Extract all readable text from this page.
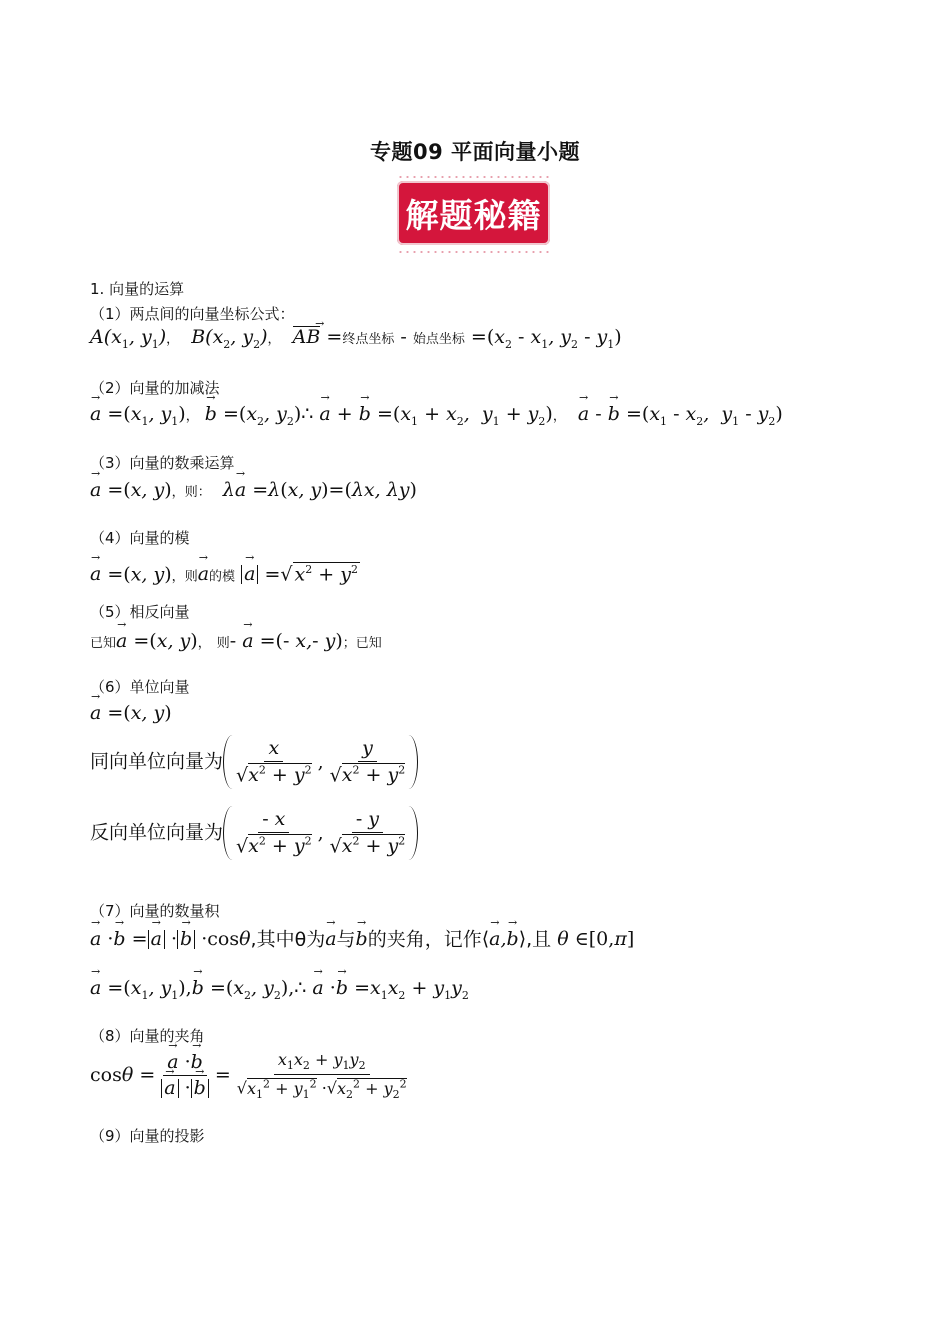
专题09 平面向量小题
解题秘籍
1. 向量的运算
（1）两点间的向量坐标公式：
$A(x_1$, $y_1$)，  $B(x_2$, $y_2$)， AB → =终点坐标 - 始点坐标 $=(x_2 - x_1$, $y_2 - y_1$)
（2）向量的加减法
→ $a =(x_1$, $y_1$)， → $b =(x_2$, $y_2)\therefore \to a$ + → $b =(x_1 + x_2$,  $y_1 + y_2$)，  → a - → $b =(x_1 - x_2$,  $y_1 - y_2$)
（3）向量的数乘运算
→ a =(x, y)，则：  λ→ a =λ(x, y)=(λx, λy)
（4）向量的模
→ a =(x, y)，则→ a的模 → a =√ $x^2 + y^2$
（5）相反向量
已知→ a =(x, y)， 则- → a =(- x,- y)；已知
（6）单位向量
→ a =(x, y)
同向单位向量为 $\frac{x}{√x^2 + y^2}$ , $\frac{y}{√x^2 + y^2}$
反向单位向量为 $\frac{- x}{√x^2 + y^2}$ , $\frac{- y}{√x^2 + y^2}$
（7）向量的数量积
→ a ·→ b =→ a ·→ b ·cosθ,其中θ为→ a与→ b的夹角，记作⟨→ a,→ b⟩,且 θ ∈[0,π]
→ $a =(x_1$, $y_1),\to b =(x_2$, $y_2),\therefore \to a \cdot\to b =x_1x_2 + y_1y_2$
（8）向量的夹角
cosθ =
→ a ·→ b
→ $a \cdot\to b = \frac{x_1x_2 + y_1y_2}{√x_1^2 + y_1^2 \cdot√x_2^2 + y_2^2}$
（9）向量的投影
